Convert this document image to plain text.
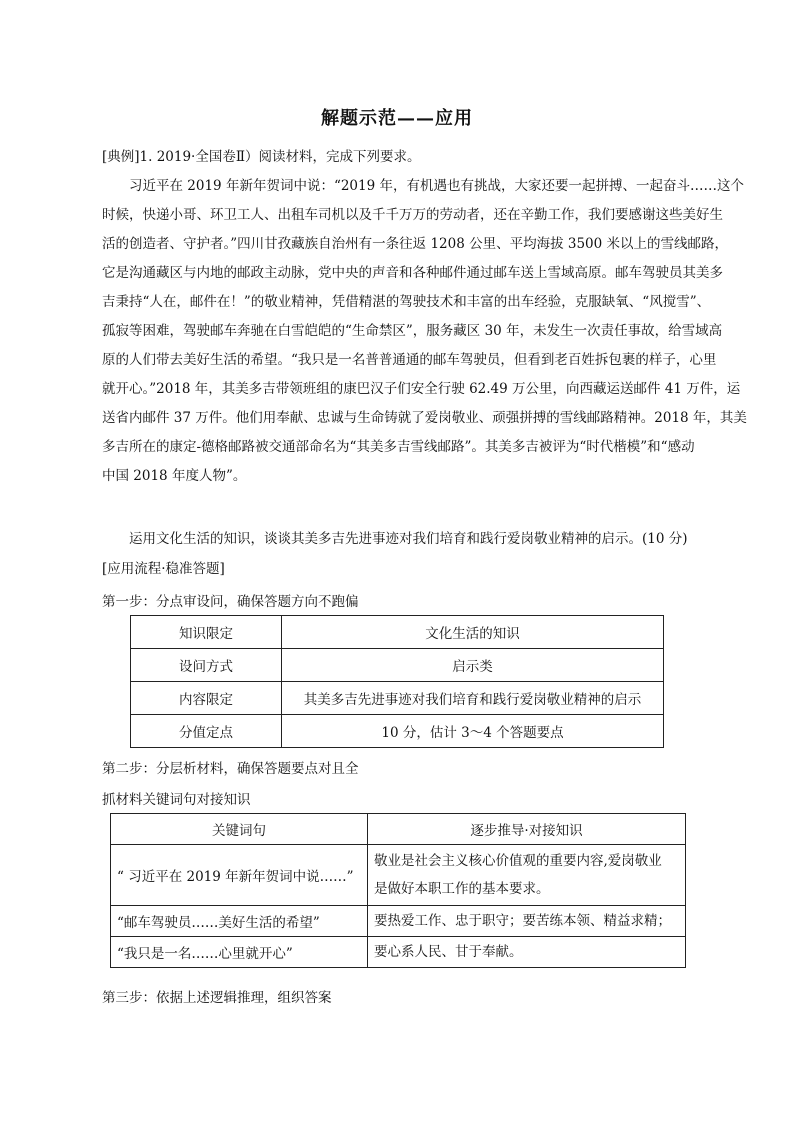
解题示范——应用
[典例]1. 2019·全国卷Ⅱ）阅读材料，完成下列要求。
习近平在 2019 年新年贺词中说：“2019 年，有机遇也有挑战，大家还要一起拼搏、一起奋斗……这个
时候，快递小哥、环卫工人、出租车司机以及千千万万的劳动者，还在辛勤工作，我们要感谢这些美好生
活的创造者、守护者。”四川甘孜藏族自治州有一条往返 1208 公里、平均海拔 3500 米以上的雪线邮路，
它是沟通藏区与内地的邮政主动脉，党中央的声音和各种邮件通过邮车送上雪域高原。邮车驾驶员其美多
吉秉持“人在，邮件在！”的敬业精神，凭借精湛的驾驶技术和丰富的出车经验，克服缺氧、“风搅雪”、
孤寂等困难，驾驶邮车奔驰在白雪皑皑的“生命禁区”，服务藏区 30 年，未发生一次责任事故，给雪域高
原的人们带去美好生活的希望。“我只是一名普普通通的邮车驾驶员，但看到老百姓拆包裹的样子，心里
就开心。”2018 年，其美多吉带领班组的康巴汉子们安全行驶 62.49 万公里，向西藏运送邮件 41 万件，运
送省内邮件 37 万件。他们用奉献、忠诚与生命铸就了爱岗敬业、顽强拼搏的雪线邮路精神。2018 年，其美
多吉所在的康定-德格邮路被交通部命名为“其美多吉雪线邮路”。其美多吉被评为“时代楷模”和“感动
中国 2018 年度人物”。
运用文化生活的知识，谈谈其美多吉先进事迹对我们培育和践行爱岗敬业精神的启示。(10 分)
[应用流程·稳准答题]
第一步：分点审设问，确保答题方向不跑偏
知识限定	文化生活的知识
设问方式	启示类
内容限定	其美多吉先进事迹对我们培育和践行爱岗敬业精神的启示
分值定点	10 分，估计 3～4 个答题要点
第二步：分层析材料，确保答题要点对且全
抓材料关键词句对接知识
关键词句	逐步推导·对接知识
“ 习近平在 2019 年新年贺词中说……”	敬业是社会主义核心价值观的重要内容,爱岗敬业
是做好本职工作的基本要求。

“邮车驾驶员……美好生活的希望”	要热爱工作、忠于职守；要苦练本领、精益求精；
“我只是一名……心里就开心”	要心系人民、甘于奉献。
第三步：依据上述逻辑推理，组织答案
